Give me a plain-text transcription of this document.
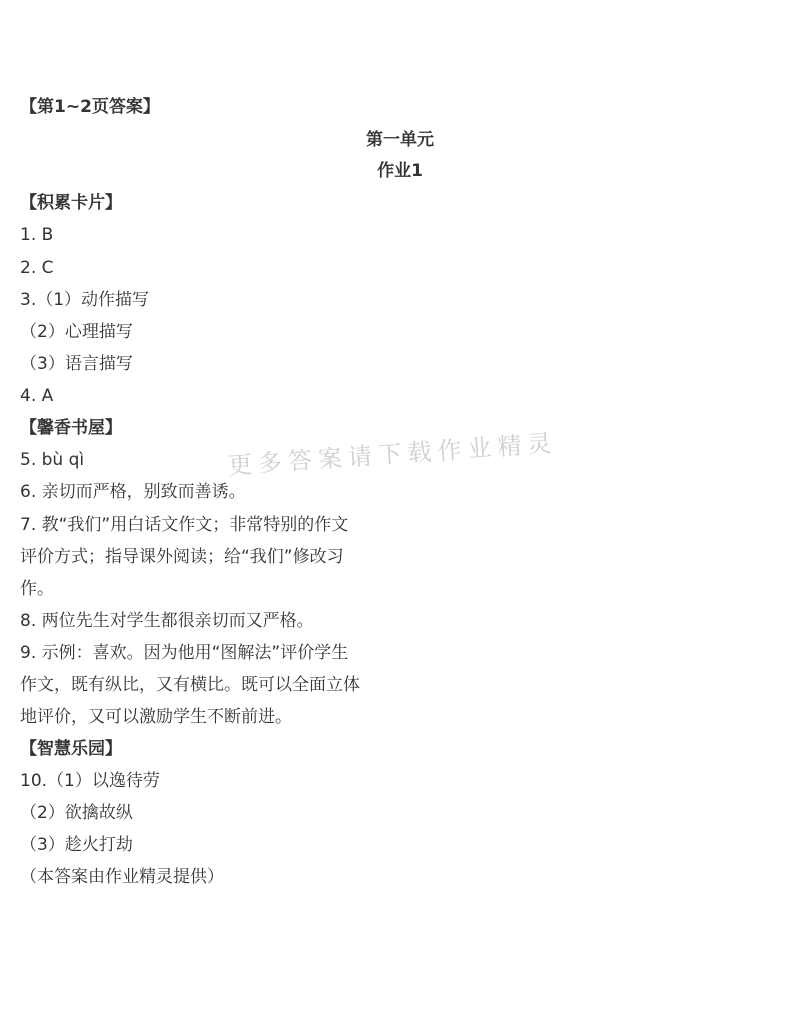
【第1~2页答案】
第一单元
作业1
【积累卡片】
1. B
2. C
3.（1）动作描写
（2）心理描写
（3）语言描写
4. A
【馨香书屋】
5. bù qì
6. 亲切而严格，别致而善诱。
7. 教“我们”用白话文作文；非常特别的作文
评价方式；指导课外阅读；给“我们”修改习
作。
8. 两位先生对学生都很亲切而又严格。
9. 示例：喜欢。因为他用“图解法”评价学生
作文，既有纵比，又有横比。既可以全面立体
地评价，又可以激励学生不断前进。
【智慧乐园】
10.（1）以逸待劳
（2）欲擒故纵
（3）趁火打劫
（本答案由作业精灵提供）
更多答案请下载作业精灵
